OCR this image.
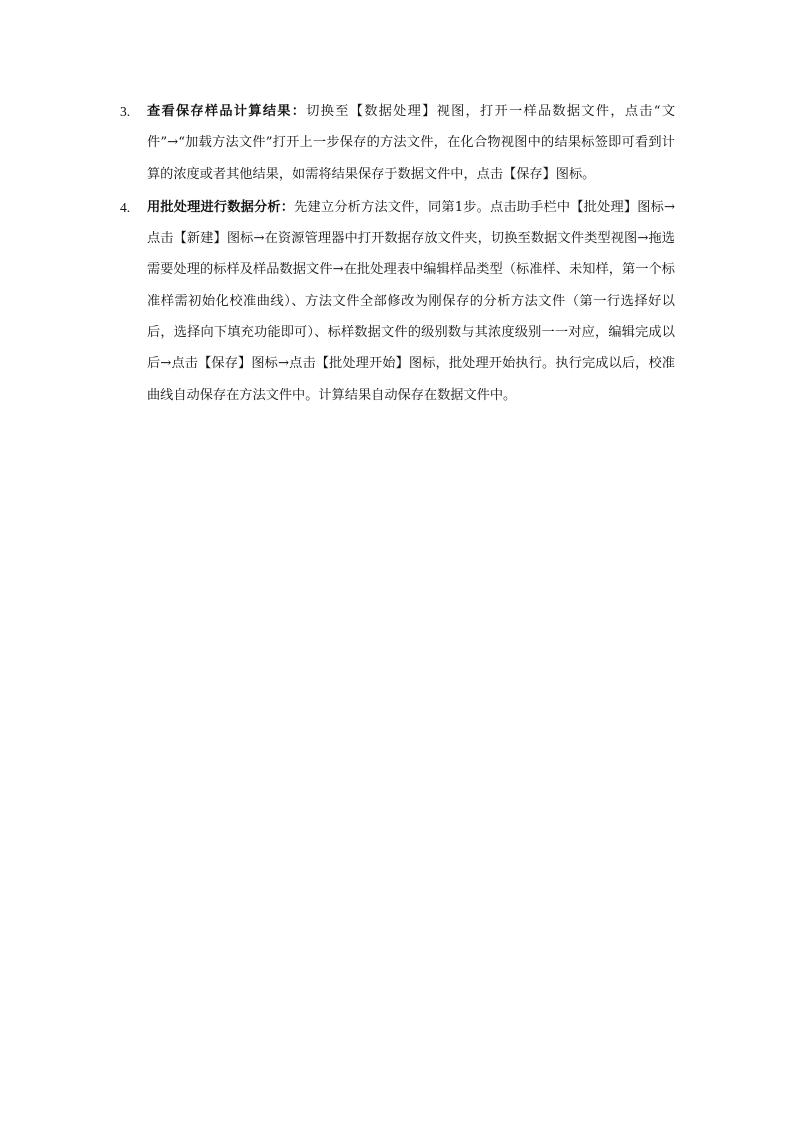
3. 查看保存样品计算结果：切换至【数据处理】视图，打开一样品数据文件，点击“文件”→“加载方法文件”打开上一步保存的方法文件，在化合物视图中的结果标签即可看到计算的浓度或者其他结果，如需将结果保存于数据文件中，点击【保存】图标。
4. 用批处理进行数据分析：先建立分析方法文件，同第1步。点击助手栏中【批处理】图标→点击【新建】图标→在资源管理器中打开数据存放文件夹，切换至数据文件类型视图→拖选需要处理的标样及样品数据文件→在批处理表中编辑样品类型（标准样、未知样，第一个标准样需初始化校准曲线）、方法文件全部修改为刚保存的分析方法文件（第一行选择好以后，选择向下填充功能即可）、标样数据文件的级别数与其浓度级别一一对应，编辑完成以后→点击【保存】图标→点击【批处理开始】图标，批处理开始执行。执行完成以后，校准曲线自动保存在方法文件中。计算结果自动保存在数据文件中。
